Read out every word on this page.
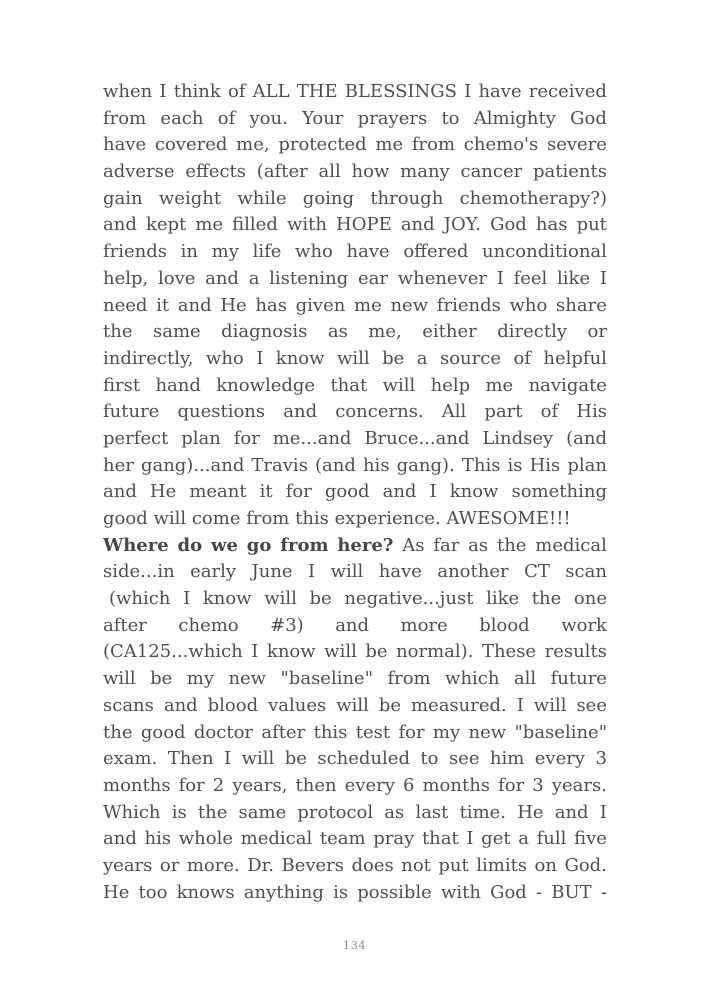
when I think of ALL THE BLESSINGS I have received
from each of you. Your prayers to Almighty God
have covered me, protected me from chemo's severe
adverse effects (after all how many cancer patients
gain weight while going through chemotherapy?)
and kept me filled with HOPE and JOY. God has put
friends in my life who have offered unconditional
help, love and a listening ear whenever I feel like I
need it and He has given me new friends who share
the same diagnosis as me, either directly or
indirectly, who I know will be a source of helpful
first hand knowledge that will help me navigate
future questions and concerns. All part of His
perfect plan for me...and Bruce...and Lindsey (and
her gang)...and Travis (and his gang). This is His plan
and He meant it for good and I know something
good will come from this experience. AWESOME!!!
Where do we go from here? As far as the medical
side...in early June I will have another CT scan
(which I know will be negative...just like the one
after chemo #3) and more blood work
(CA125...which I know will be normal). These results
will be my new "baseline" from which all future
scans and blood values will be measured. I will see
the good doctor after this test for my new "baseline"
exam. Then I will be scheduled to see him every 3
months for 2 years, then every 6 months for 3 years.
Which is the same protocol as last time. He and I
and his whole medical team pray that I get a full five
years or more. Dr. Bevers does not put limits on God.
He too knows anything is possible with God - BUT -
134
